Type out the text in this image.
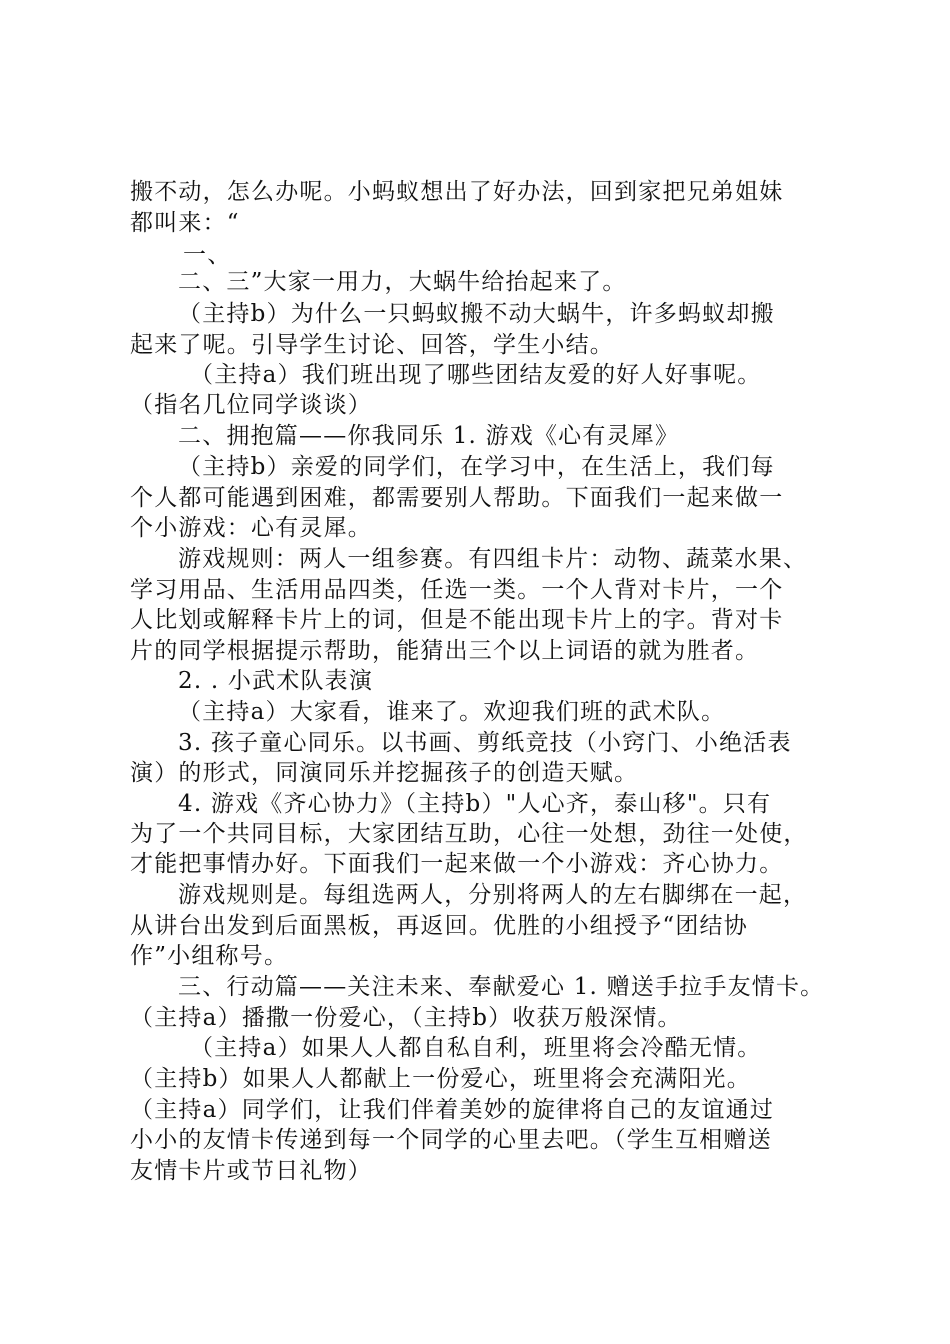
搬不动，怎么办呢。小蚂蚁想出了好办法，回到家把兄弟姐妹
都叫来：“
一、
二、三”大家一用力，大蜗牛给抬起来了。
（主持b）为什么一只蚂蚁搬不动大蜗牛，许多蚂蚁却搬
起来了呢。引导学生讨论、回答，学生小结。
（主持a）我们班出现了哪些团结友爱的好人好事呢。
（指名几位同学谈谈）
二、拥抱篇——你我同乐 1. 游戏《心有灵犀》
（主持b）亲爱的同学们，在学习中，在生活上，我们每
个人都可能遇到困难，都需要别人帮助。下面我们一起来做一
个小游戏：心有灵犀。
游戏规则：两人一组参赛。有四组卡片：动物、蔬菜水果、
学习用品、生活用品四类，任选一类。一个人背对卡片，一个
人比划或解释卡片上的词，但是不能出现卡片上的字。背对卡
片的同学根据提示帮助，能猜出三个以上词语的就为胜者。
2. . 小武术队表演
（主持a）大家看，谁来了。欢迎我们班的武术队。
3. 孩子童心同乐。以书画、剪纸竞技（小窍门、小绝活表
演）的形式，同演同乐并挖掘孩子的创造天赋。
4. 游戏《齐心协力》（主持b）"人心齐，泰山移"。只有
为了一个共同目标，大家团结互助，心往一处想，劲往一处使，
才能把事情办好。下面我们一起来做一个小游戏：齐心协力。
游戏规则是。每组选两人，分别将两人的左右脚绑在一起，
从讲台出发到后面黑板，再返回。优胜的小组授予“团结协
作”小组称号。
三、行动篇——关注未来、奉献爱心 1. 赠送手拉手友情卡。
（主持a）播撒一份爱心，（主持b）收获万般深情。
（主持a）如果人人都自私自利，班里将会冷酷无情。
（主持b）如果人人都献上一份爱心，班里将会充满阳光。
（主持a）同学们，让我们伴着美妙的旋律将自己的友谊通过
小小的友情卡传递到每一个同学的心里去吧。（学生互相赠送
友情卡片或节日礼物）
